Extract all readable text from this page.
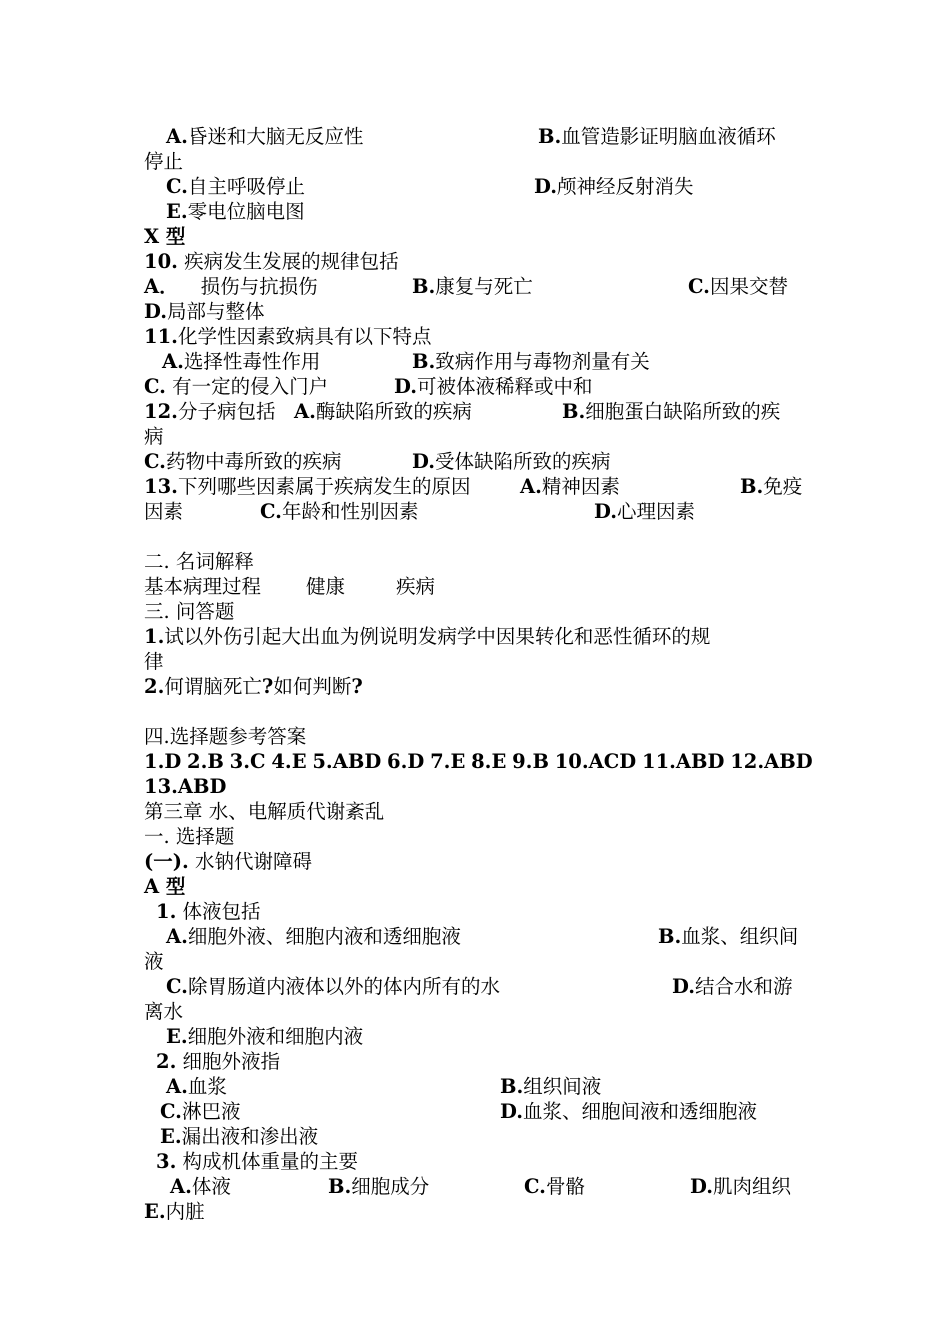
A.昏迷和大脑无反应性	B.血管造影证明脑血液循环
停止
C.自主呼吸停止	D.颅神经反射消失
E.零电位脑电图
X 型
10. 疾病发生发展的规律包括
A． 损伤与抗损伤	B.康复与死亡	C.因果交替
D.局部与整体
11.化学性因素致病具有以下特点
A.选择性毒性作用	B.致病作用与毒物剂量有关
C. 有一定的侵入门户	D.可被体液稀释或中和
12.分子病包括 A.酶缺陷所致的疾病	B.细胞蛋白缺陷所致的疾
病
C.药物中毒所致的疾病	D.受体缺陷所致的疾病
13.下列哪些因素属于疾病发生的原因	A.精神因素	B.免疫
因素	C.年龄和性别因素	D.心理因素
二. 名词解释
基本病理过程 健康	疾病
三. 问答题
1.试以外伤引起大出血为例说明发病学中因果转化和恶性循环的规
律
2.何谓脑死亡?如何判断?
四.选择题参考答案
1.D 2.B 3.C 4.E 5.ABD 6.D 7.E 8.E 9.B 10.ACD 11.ABD 12.ABD
13.ABD
第三章 水、电解质代谢紊乱
一. 选择题
(一). 水钠代谢障碍
A 型
1. 体液包括
A.细胞外液、细胞内液和透细胞液	B.血浆、组织间
液
C.除胃肠道内液体以外的体内所有的水	D.结合水和游
离水
E.细胞外液和细胞内液
2. 细胞外液指
A.血浆	B.组织间液
C.淋巴液	D.血浆、细胞间液和透细胞液
E.漏出液和渗出液
3. 构成机体重量的主要
A.体液	B.细胞成分	C.骨骼	D.肌肉组织
E.内脏
